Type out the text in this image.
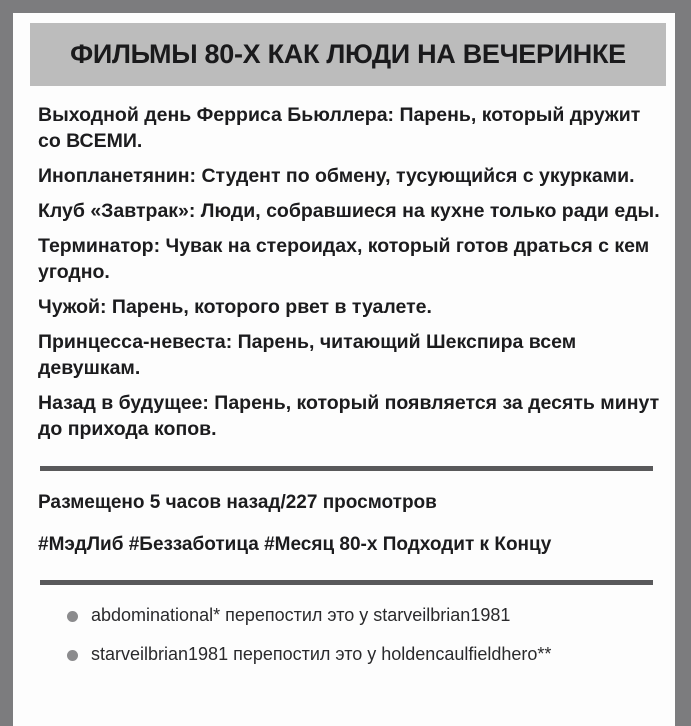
ФИЛЬМЫ 80-Х КАК ЛЮДИ НА ВЕЧЕРИНКЕ

Выходной день Ферриса Бьюллера: Парень, который дружит со ВСЕМИ.

Инопланетянин: Студент по обмену, тусующийся с укурками.

Клуб «Завтрак»: Люди, собравшиеся на кухне только ради еды.

Терминатор: Чувак на стероидах, который готов драться с кем угодно.

Чужой: Парень, которого рвет в туалете.

Принцесса-невеста: Парень, читающий Шекспира всем девушкам.

Назад в будущее: Парень, который появляется за десять минут до прихода копов.

Размещено 5 часов назад/227 просмотров
#МэдЛиб #Беззаботица #Месяц 80-х Подходит к Концу
abdominational* перепостил это у starveilbrian1981
starveilbrian1981 перепостил это у holdencaulfieldhero**
